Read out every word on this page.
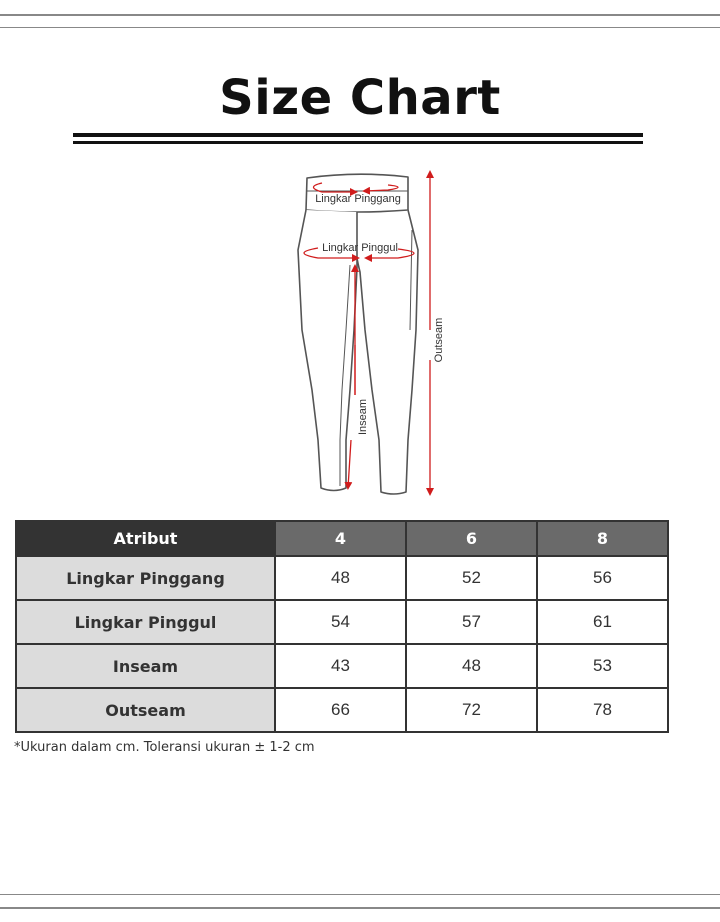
Size Chart
Lingkar Pinggang
Lingkar Pinggul
Outseam
Inseam
Atribut	4	6	8
Lingkar Pinggang	48	52	56
Lingkar Pinggul	54	57	61
Inseam	43	48	53
Outseam	66	72	78
*Ukuran dalam cm. Toleransi ukuran ± 1-2 cm
